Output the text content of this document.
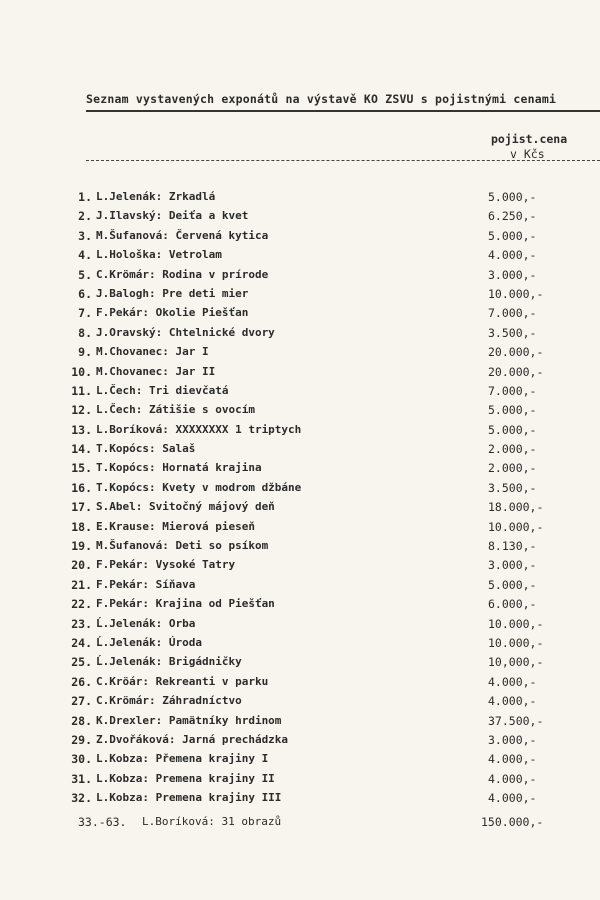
Seznam vystavených exponátů na výstavě KO ZSVU s pojistnými cenami
pojist.cena
v Kčs
1. L.Jelenák: Zrkadlá	5.000,-
2. J.Ilavský: Deiťa a kvet	6.250,-
3. M.Šufanová: Červená kytica	5.000,-
4. L.Hološka: Vetrolam	4.000,-
5. C.Krömár: Rodina v prírode	3.000,-
6. J.Balogh: Pre deti mier	10.000,-
7. F.Pekár: Okolie Piešťan	7.000,-
8. J.Oravský: Chtelnické dvory	3.500,-
9. M.Chovanec: Jar I	20.000,-
10. M.Chovanec: Jar II	20.000,-
11. L.Čech: Tri dievčatá	7.000,-
12. L.Čech: Zátišie s ovocím	5.000,-
13. L.Boríková: XXXXXXXX 1 triptych	5.000,-
14. T.Kopócs: Salaš	2.000,-
15. T.Kopócs: Hornatá krajina	2.000,-
16. T.Kopócs: Kvety v modrom džbáne	3.500,-
17. S.Abel: Svitočný májový deň	18.000,-
18. E.Krause: Mierová pieseň	10.000,-
19. M.Šufanová: Deti so psíkom	8.130,-
20. F.Pekár: Vysoké Tatry	3.000,-
21. F.Pekár: Síňava	5.000,-
22. F.Pekár: Krajina od Piešťan	6.000,-
23. Ĺ.Jelenák: Orba	10.000,-
24. Ĺ.Jelenák: Úroda	10.000,-
25. Ĺ.Jelenák: Brigádničky	10,000,-
26. C.Kröár: Rekreanti v parku	4.000,-
27. C.Krömár: Záhradníctvo	4.000,-
28. K.Drexler: Pamätníky hrdinom	37.500,-
29. Z.Dvořáková: Jarná prechádzka	3.000,-
30. L.Kobza: Přemena krajiny I	4.000,-
31. L.Kobza: Premena krajiny II	4.000,-
32. L.Kobza: Premena krajiny III	4.000,-
33.-63. L.Boríková: 31 obrazů	150.000,-
